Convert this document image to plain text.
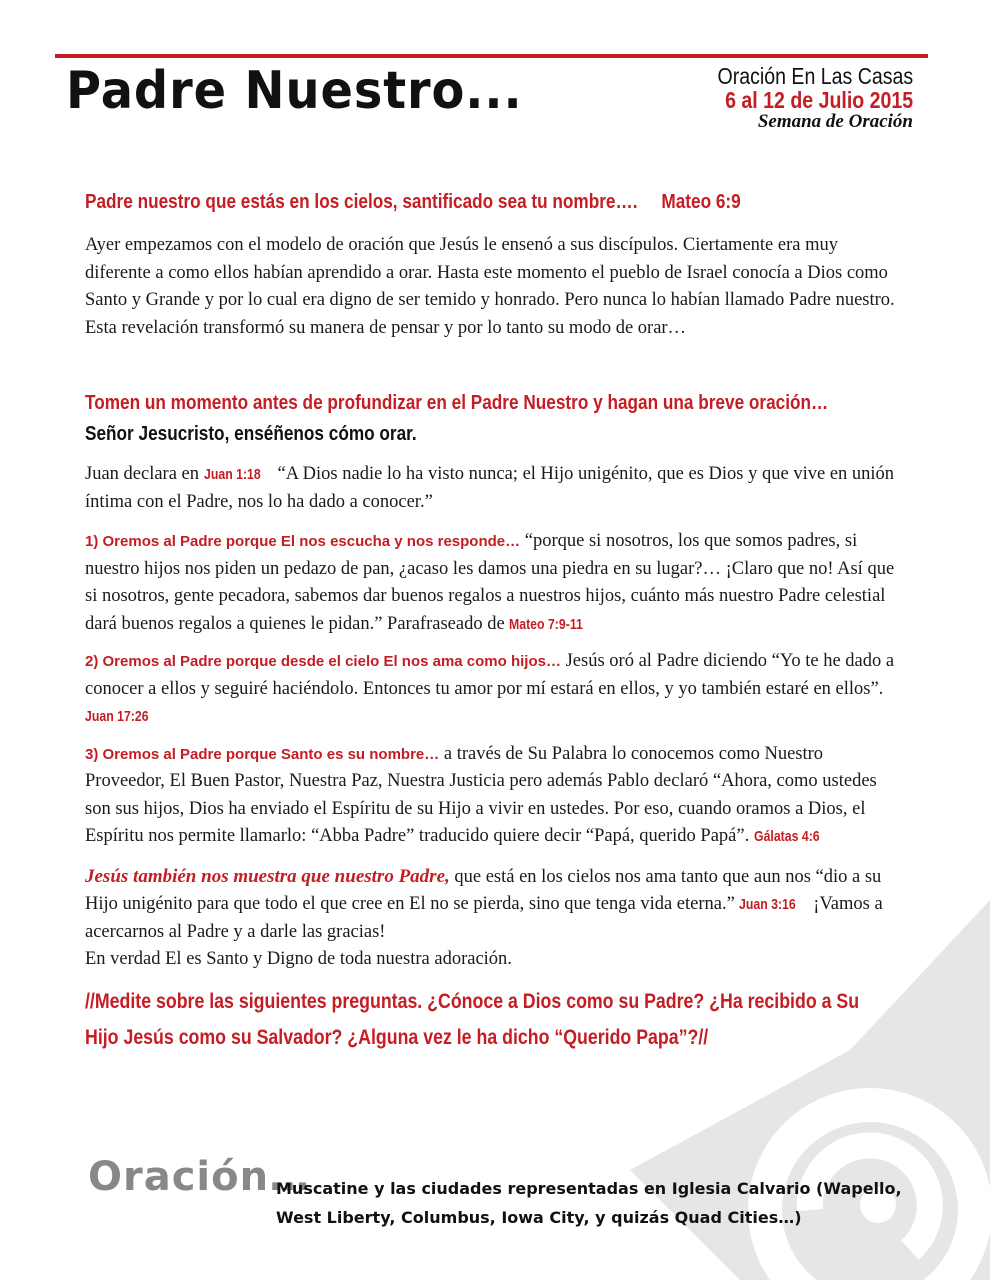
Padre Nuestro...	Oración En Las Casas
6 al 12 de Julio 2015
Semana de Oración
Padre nuestro que estás en los cielos, santificado sea tu nombre…. Mateo 6:9

Ayer empezamos con el modelo de oración que Jesús le ensenó a sus discípulos. Ciertamente era muy diferente a como ellos habían aprendido a orar. Hasta este momento el pueblo de Israel conocía a Dios como Santo y Grande y por lo cual era digno de ser temido y honrado. Pero nunca lo habían llamado Padre nuestro. Esta revelación transformó su manera de pensar y por lo tanto su modo de orar…

Tomen un momento antes de profundizar en el Padre Nuestro y hagan una breve oración…
Señor Jesucristo, enséñenos cómo orar.

Juan declara en Juan 1:18 “A Dios nadie lo ha visto nunca; el Hijo unigénito, que es Dios y que vive en unión íntima con el Padre, nos lo ha dado a conocer.”

1) Oremos al Padre porque El nos escucha y nos responde… “porque si nosotros, los que somos padres, si nuestro hijos nos piden un pedazo de pan, ¿acaso les damos una piedra en su lugar?… ¡Claro que no! Así que si nosotros, gente pecadora, sabemos dar buenos regalos a nuestros hijos, cuánto más nuestro Padre celestial dará buenos regalos a quienes le pidan.” Parafraseado de Mateo 7:9-11

2) Oremos al Padre porque desde el cielo El nos ama como hijos… Jesús oró al Padre diciendo “Yo te he dado a conocer a ellos y seguiré haciéndolo. Entonces tu amor por mí estará en ellos, y yo también estaré en ellos”. Juan 17:26

3) Oremos al Padre porque Santo es su nombre… a través de Su Palabra lo conocemos como Nuestro Proveedor, El Buen Pastor, Nuestra Paz, Nuestra Justicia pero además Pablo declaró “Ahora, como ustedes son sus hijos, Dios ha enviado el Espíritu de su Hijo a vivir en ustedes. Por eso, cuando oramos a Dios, el Espíritu nos permite llamarlo: “Abba Padre” traducido quiere decir “Papá, querido Papá”. Gálatas 4:6

Jesús también nos muestra que nuestro Padre, que está en los cielos nos ama tanto que aun nos “dio a su Hijo unigénito para que todo el que cree en El no se pierda, sino que tenga vida eterna.” Juan 3:16 ¡Vamos a acercarnos al Padre y a darle las gracias!
En verdad El es Santo y Digno de toda nuestra adoración.

//Medite sobre las siguientes preguntas. ¿Cónoce a Dios como su Padre? ¿Ha recibido a Su Hijo Jesús como su Salvador? ¿Alguna vez le ha dicho “Querido Papa”?//
Oración…
Muscatine y las ciudades representadas en Iglesia Calvario (Wapello, West Liberty, Columbus, Iowa City, y quizás Quad Cities…)
